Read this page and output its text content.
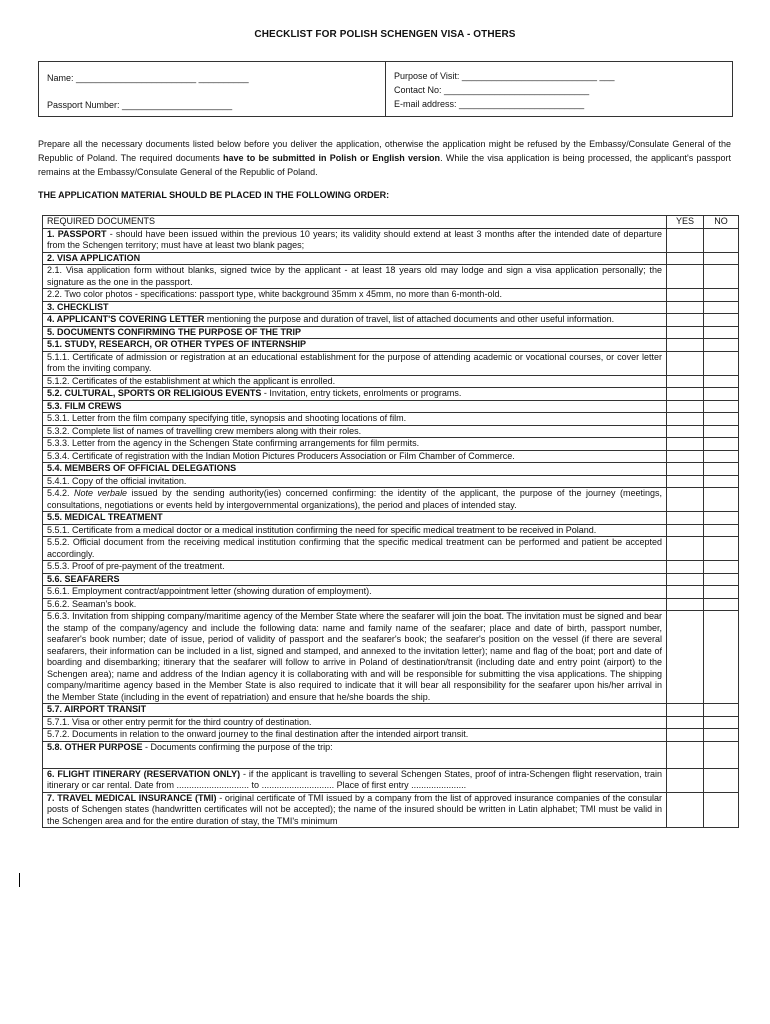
CHECKLIST FOR POLISH SCHENGEN VISA - OTHERS
Name: ________________________ __________
Passport Number: ______________________
Purpose of Visit: ___________________________ ___
Contact No: _____________________________
E-mail address: _________________________
Prepare all the necessary documents listed below before you deliver the application, otherwise the application might be refused by the Embassy/Consulate General of the Republic of Poland. The required documents have to be submitted in Polish or English version. While the visa application is being processed, the applicant's passport remains at the Embassy/Consulate General of the Republic of Poland.
THE APPLICATION MATERIAL SHOULD BE PLACED IN THE FOLLOWING ORDER:
REQUIRED DOCUMENTS	YES	NO
1. PASSPORT - should have been issued within the previous 10 years; its validity should extend at least 3 months after the intended date of departure from the Schengen territory; must have at least two blank pages;		
2. VISA APPLICATION		
2.1. Visa application form without blanks, signed twice by the applicant - at least 18 years old may lodge and sign a visa application personally; the signature as the one in the passport.		
2.2. Two color photos - specifications: passport type, white background 35mm x 45mm, no more than 6-month-old.		
3. CHECKLIST		
4. APPLICANT'S COVERING LETTER mentioning the purpose and duration of travel, list of attached documents and other useful information.		
5. DOCUMENTS CONFIRMING THE PURPOSE OF THE TRIP		
5.1. STUDY, RESEARCH, OR OTHER TYPES OF INTERNSHIP		
5.1.1. Certificate of admission or registration at an educational establishment for the purpose of attending academic or vocational courses, or cover letter from the inviting company.		
5.1.2. Certificates of the establishment at which the applicant is enrolled.		
5.2. CULTURAL, SPORTS OR RELIGIOUS EVENTS - Invitation, entry tickets, enrolments or programs.		
5.3. FILM CREWS		
5.3.1. Letter from the film company specifying title, synopsis and shooting locations of film.		
5.3.2. Complete list of names of travelling crew members along with their roles.		
5.3.3. Letter from the agency in the Schengen State confirming arrangements for film permits.		
5.3.4. Certificate of registration with the Indian Motion Pictures Producers Association or Film Chamber of Commerce.		
5.4. MEMBERS OF OFFICIAL DELEGATIONS		
5.4.1. Copy of the official invitation.		
5.4.2. Note verbale issued by the sending authority(ies) concerned confirming: the identity of the applicant, the purpose of the journey (meetings, consultations, negotiations or events held by intergovernmental organizations), the period and places of intended stay.		
5.5. MEDICAL TREATMENT		
5.5.1. Certificate from a medical doctor or a medical institution confirming the need for specific medical treatment to be received in Poland.		
5.5.2. Official document from the receiving medical institution confirming that the specific medical treatment can be performed and patient be accepted accordingly.		
5.5.3. Proof of pre-payment of the treatment.		
5.6. SEAFARERS		
5.6.1. Employment contract/appointment letter (showing duration of employment).		
5.6.2. Seaman's book.		
5.6.3. Invitation from shipping company/maritime agency of the Member State where the seafarer will join the boat. The invitation must be signed and bear the stamp of the company/agency and include the following data: name and family name of the seafarer; place and date of birth, passport number, seafarer's book number; date of issue, period of validity of passport and the seafarer's book; the seafarer's position on the vessel (if there are several seafarers, their information can be included in a list, signed and stamped, and annexed to the invitation letter); name and flag of the boat; port and date of boarding and disembarking; itinerary that the seafarer will follow to arrive in Poland of destination/transit (including date and entry point (airport) to the Schengen area); name and address of the Indian agency it is collaborating with and will be responsible for submitting the visa applications. The shipping company/maritime agency based in the Member State is also required to indicate that it will bear all responsibility for the seafarer upon his/her arrival in the Member State (including in the event of repatriation) and ensure that he/she boards the ship.		
5.7. AIRPORT TRANSIT		
5.7.1. Visa or other entry permit for the third country of destination.		
5.7.2. Documents in relation to the onward journey to the final destination after the intended airport transit.		
5.8. OTHER PURPOSE - Documents confirming the purpose of the trip:		
6. FLIGHT ITINERARY (RESERVATION ONLY) - if the applicant is travelling to several Schengen States, proof of intra-Schengen flight reservation, train itinerary or car rental. Date from ............................. to ............................. Place of first entry ......................		
7. TRAVEL MEDICAL INSURANCE (TMI) - original certificate of TMI issued by a company from the list of approved insurance companies of the consular posts of Schengen states (handwritten certificates will not be accepted); the name of the insured should be written in Latin alphabet; TMI must be valid in the Schengen area and for the entire duration of stay, the TMI's minimum		
